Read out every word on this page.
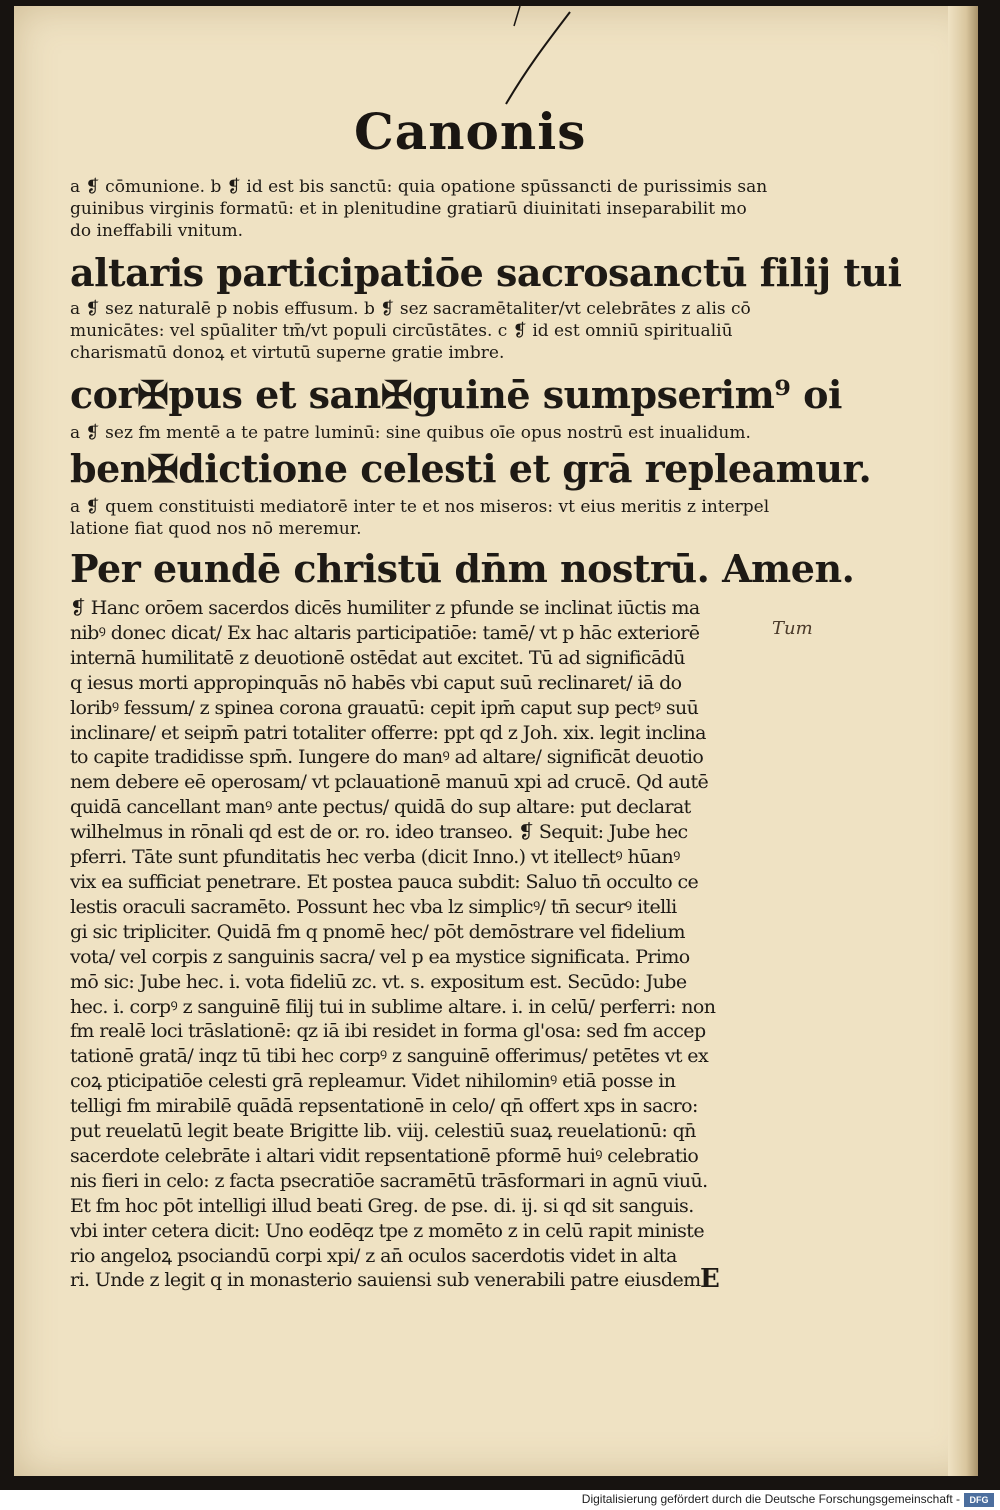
Canonis
a ❡ cōmunione. b ❡ id est bis sanctū: quia opatione spūssancti de purissimis san
guinibus virginis formatū: et in plenitudine gratiarū diuinitati inseparabilit mo
do ineffabili vnitum.
altaris participatiōe sacrosanctū filij tui
a ❡ sez naturalē p nobis effusum. b ❡ sez sacramētaliter/vt celebrātes z alis cō
municātes: vel spūaliter tm̄/vt populi circūstātes. c ❡ id est omniū spiritualiū
charismatū donoꝝ et virtutū superne gratie imbre.
cor✠pus et san✠guinē sumpserim⁹ oi
a ❡ sez fm mentē a te patre luminū: sine quibus oīe opus nostrū est inualidum.
ben✠dictione celesti et grā repleamur.
a ❡ quem constituisti mediatorē inter te et nos miseros: vt eius meritis z interpel
latione fiat quod nos nō meremur.
Per eundē christū dn̄m nostrū. Amen.
❡ Hanc orōem sacerdos dicēs humiliter z pfunde se inclinat iūctis ma
nibꝰ donec dicat/ Ex hac altaris participatiōe: tamē/ vt p hāc exteriorē
internā humilitatē z deuotionē ostēdat aut excitet. Tū ad significādū
q iesus morti appropinquās nō habēs vbi caput suū reclinaret/ iā do
loribꝰ fessum/ z spinea corona grauatū: cepit ipm̄ caput sup pectꝰ suū
inclinare/ et seipm̄ patri totaliter offerre: ppt qd z Joh. xix. legit inclina
to capite tradidisse spm̄. Iungere do manꝰ ad altare/ significāt deuotio
nem debere eē operosam/ vt pclauationē manuū xpi ad crucē. Qd autē
quidā cancellant manꝰ ante pectus/ quidā do sup altare: put declarat
wilhelmus in rōnali qd est de or. ro. ideo transeo. ❡ Sequit: Jube hec
pferri. Tāte sunt pfunditatis hec verba (dicit Inno.) vt itellectꝰ hūanꝰ
vix ea sufficiat penetrare. Et postea pauca subdit: Saluo tn̄ occulto ce
lestis oraculi sacramēto. Possunt hec vba lz simplicꝰ/ tn̄ securꝰ itelli
gi sic tripliciter. Quidā fm q pnomē hec/ pōt demōstrare vel fidelium
vota/ vel corpis z sanguinis sacra/ vel p ea mystice significata. Primo
mō sic: Jube hec. i. vota fideliū zc. vt. s. expositum est. Secūdo: Jube
hec. i. corpꝰ z sanguinē filij tui in sublime altare. i. in celū/ perferri: non
fm realē loci trāslationē: qz iā ibi residet in forma gl'osa: sed fm accep
tationē gratā/ inqz tū tibi hec corpꝰ z sanguinē offerimus/ petētes vt ex
coꝝ pticipatiōe celesti grā repleamur. Videt nihilominꝰ etiā posse in
telligi fm mirabilē quādā repsentationē in celo/ qn̄ offert xps in sacro:
put reuelatū legit beate Brigitte lib. viij. celestiū suaꝝ reuelationū: qn̄
sacerdote celebrāte i altari vidit repsentationē pformē huiꝰ celebratio
nis fieri in celo: z facta psecratiōe sacramētū trāsformari in agnū viuū.
Et fm hoc pōt intelligi illud beati Greg. de pse. di. ij. si qd sit sanguis.
vbi inter cetera dicit: Uno eodēqz tpe z momēto z in celū rapit ministe
rio angeloꝝ psociandū corpi xpi/ z an̄ oculos sacerdotis videt in alta
ri. Unde z legit q in monasterio sauiensi sub venerabili patre eiusdem
Tum
E
Digitalisierung gefördert durch die Deutsche Forschungsgemeinschaft -	DFG
